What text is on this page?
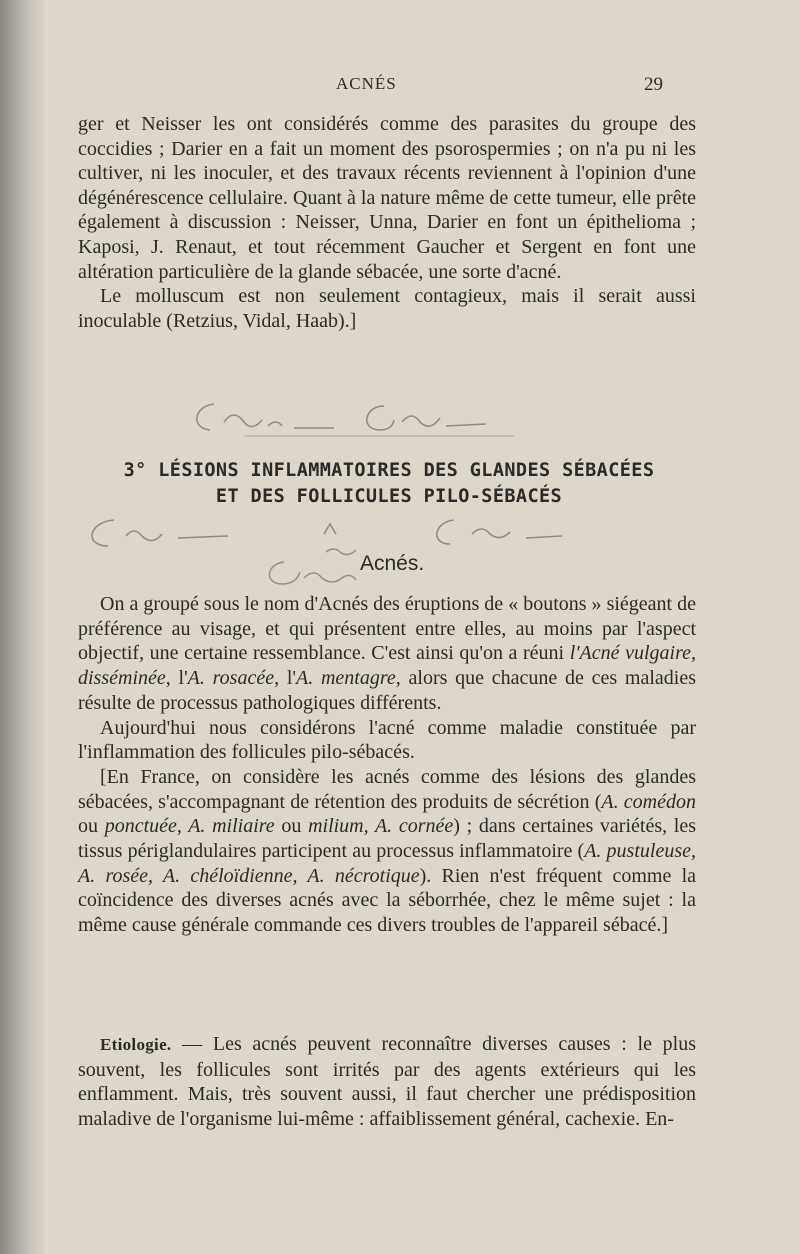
ACNÉS	29

ger et Neisser les ont considérés comme des parasites du groupe des coccidies ; Darier en a fait un moment des psorospermies ; on n'a pu ni les cultiver, ni les inoculer, et des travaux récents reviennent à l'opinion d'une dégénérescence cellulaire. Quant à la nature même de cette tumeur, elle prête également à discussion : Neisser, Unna, Darier en font un épithelioma ; Kaposi, J. Renaut, et tout récemment Gaucher et Sergent en font une altération particulière de la glande sébacée, une sorte d'acné.

Le molluscum est non seulement contagieux, mais il serait aussi inoculable (Retzius, Vidal, Haab).]

3° LÉSIONS INFLAMMATOIRES DES GLANDES SÉBACÉES
ET DES FOLLICULES PILO-SÉBACÉS
Acnés.

On a groupé sous le nom d'Acnés des éruptions de « boutons » siégeant de préférence au visage, et qui présentent entre elles, au moins par l'aspect objectif, une certaine ressemblance. C'est ainsi qu'on a réuni l'Acné vulgaire, disséminée, l'A. rosacée, l'A. mentagre, alors que chacune de ces maladies résulte de processus pathologiques différents.

Aujourd'hui nous considérons l'acné comme maladie constituée par l'inflammation des follicules pilo-sébacés.

[En France, on considère les acnés comme des lésions des glandes sébacées, s'accompagnant de rétention des produits de sécrétion (A. comédon ou ponctuée, A. miliaire ou milium, A. cornée) ; dans certaines variétés, les tissus périglandulaires participent au processus inflammatoire (A. pustuleuse, A. rosée, A. chéloïdienne, A. nécrotique). Rien n'est fréquent comme la coïncidence des diverses acnés avec la séborrhée, chez le même sujet : la même cause générale commande ces divers troubles de l'appareil sébacé.]

Etiologie. — Les acnés peuvent reconnaître diverses causes : le plus souvent, les follicules sont irrités par des agents extérieurs qui les enflamment. Mais, très souvent aussi, il faut chercher une prédisposition maladive de l'organisme lui-même : affaiblissement général, cachexie. En-
